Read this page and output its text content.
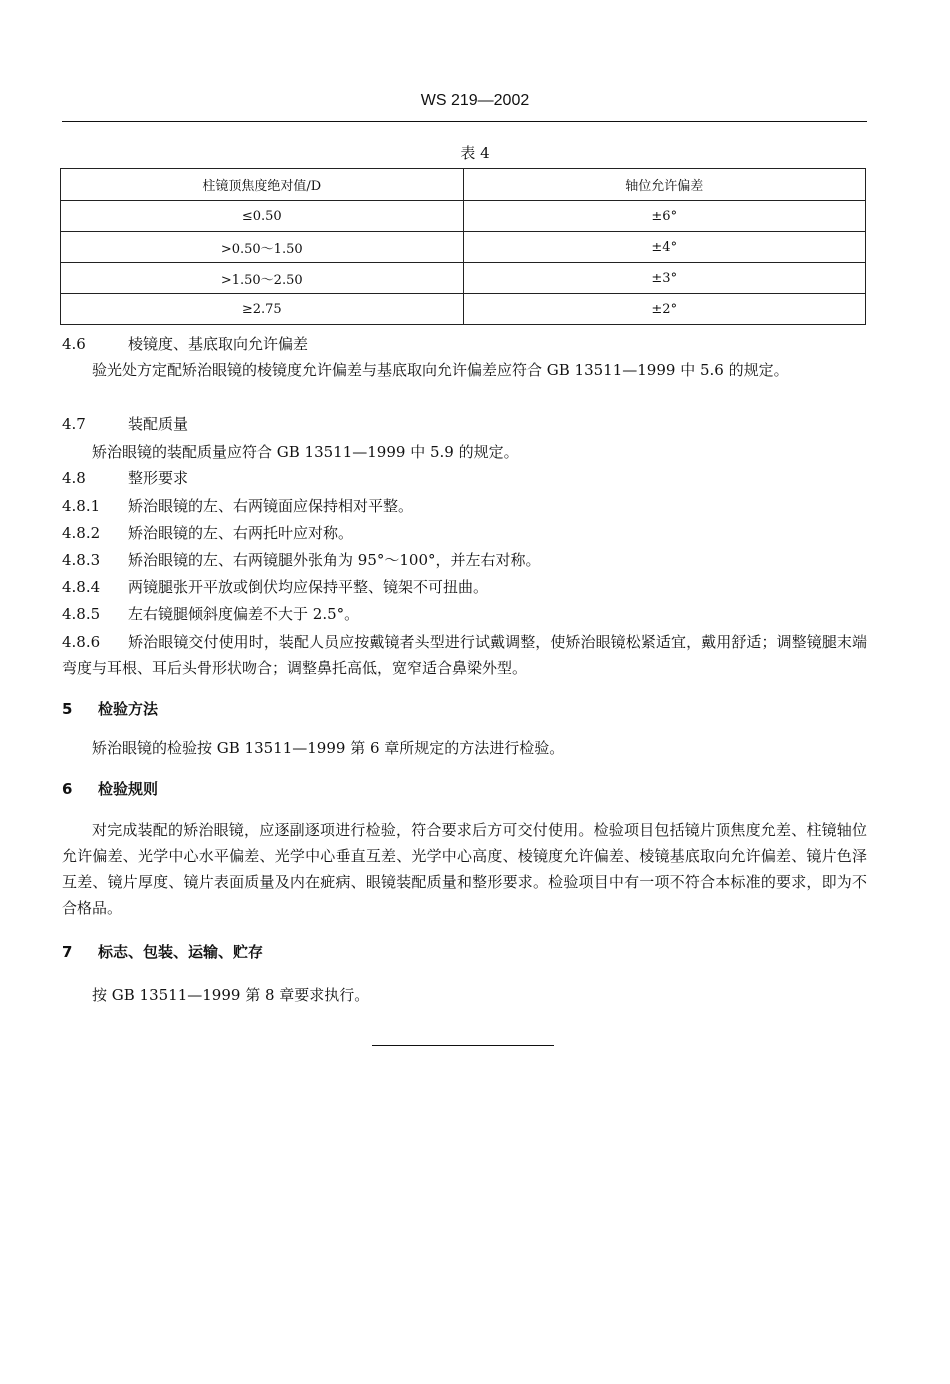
WS 219—2002
表 4
柱镜顶焦度绝对值/D	轴位允许偏差
≤0.50	±6°
>0.50～1.50	±4°
>1.50～2.50	±3°
≥2.75	±2°
4.6	棱镜度、基底取向允许偏差
验光处方定配矫治眼镜的棱镜度允许偏差与基底取向允许偏差应符合 GB 13511—1999 中 5.6 的规定。
4.7	装配质量
矫治眼镜的装配质量应符合 GB 13511—1999 中 5.9 的规定。
4.8	整形要求
4.8.1 矫治眼镜的左、右两镜面应保持相对平整。
4.8.2 矫治眼镜的左、右两托叶应对称。
4.8.3 矫治眼镜的左、右两镜腿外张角为 95°～100°，并左右对称。
4.8.4 两镜腿张开平放或倒伏均应保持平整、镜架不可扭曲。
4.8.5 左右镜腿倾斜度偏差不大于 2.5°。
4.8.6 矫治眼镜交付使用时，装配人员应按戴镜者头型进行试戴调整，使矫治眼镜松紧适宜，戴用舒适；调整镜腿末端弯度与耳根、耳后头骨形状吻合；调整鼻托高低，宽窄适合鼻梁外型。
5 检验方法
矫治眼镜的检验按 GB 13511—1999 第 6 章所规定的方法进行检验。
6 检验规则
对完成装配的矫治眼镜，应逐副逐项进行检验，符合要求后方可交付使用。检验项目包括镜片顶焦度允差、柱镜轴位允许偏差、光学中心水平偏差、光学中心垂直互差、光学中心高度、棱镜度允许偏差、棱镜基底取向允许偏差、镜片色泽互差、镜片厚度、镜片表面质量及内在疵病、眼镜装配质量和整形要求。检验项目中有一项不符合本标准的要求，即为不合格品。
7 标志、包装、运输、贮存
按 GB 13511—1999 第 8 章要求执行。
